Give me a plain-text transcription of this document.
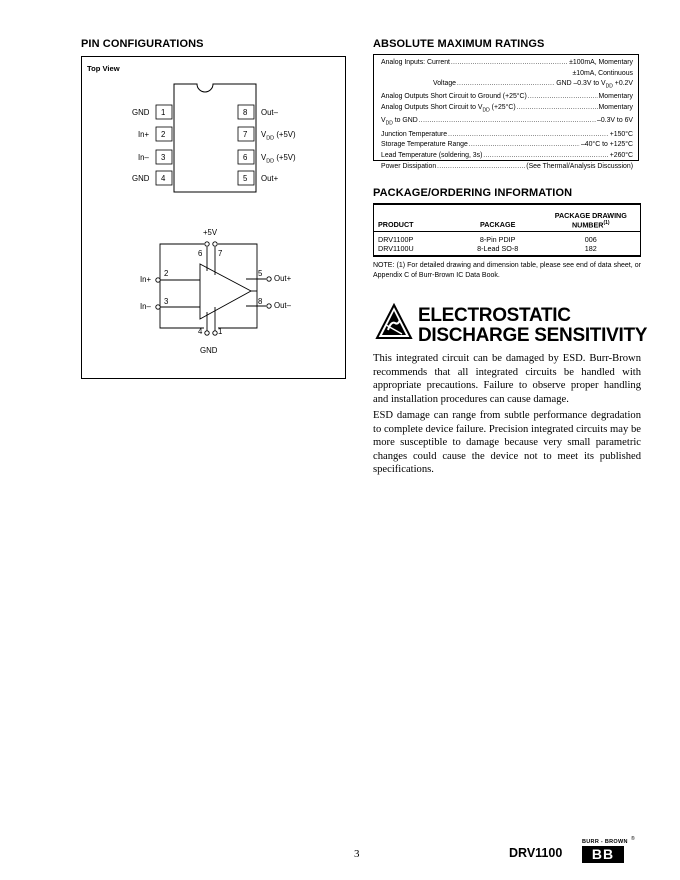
PIN CONFIGURATIONS
Top View
GND 1
In+ 2
In– 3
GND 4
8 Out–
7 $V_{DD}$ (+5V)
6 $V_{DD}$ (+5V)
5 Out+
+5V
6 7
In+
2
In–
3
5
Out+
8 Out–
4 1
GND
ABSOLUTE MAXIMUM RATINGS
Analog Inputs: Current .....	±100mA, Momentary
±10mA, Continuous
Voltage .....	GND –0.3V to $V_{DD} +0.2V$
Analog Outputs Short Circuit to Ground (+25°C) .....	Momentary
Analog Outputs Short Circuit to $V_{DD}$ (+25°C) .....	Momentary
$V_{DD}$ to GND .....	–0.3V to 6V
Junction Temperature .....	+150°C
Storage Temperature Range .....	–40°C to +125°C
Lead Temperature (soldering, 3s) .....	+260°C
Power Dissipation .....	(See Thermal/Analysis Discussion)
PACKAGE/ORDERING INFORMATION
PRODUCT	PACKAGE	PACKAGE DRAWING
NUMBER$^{(1)}$
DRV1100P	8-Pin PDIP	006
DRV1100U	8-Lead SO-8	182
NOTE: (1) For detailed drawing and dimension table, please see end of data sheet, or Appendix C of Burr-Brown IC Data Book.
ELECTROSTATIC
DISCHARGE SENSITIVITY
This integrated circuit can be damaged by ESD. Burr-Brown recommends that all integrated circuits be handled with appropriate precautions. Failure to observe proper handling and installation procedures can cause damage.
ESD damage can range from subtle performance degradation to complete device failure. Precision integrated circuits may be more susceptible to damage because very small parametric changes could cause the device not to meet its published specifications.
3	DRV1100
BURR - BROWN ®
BB
